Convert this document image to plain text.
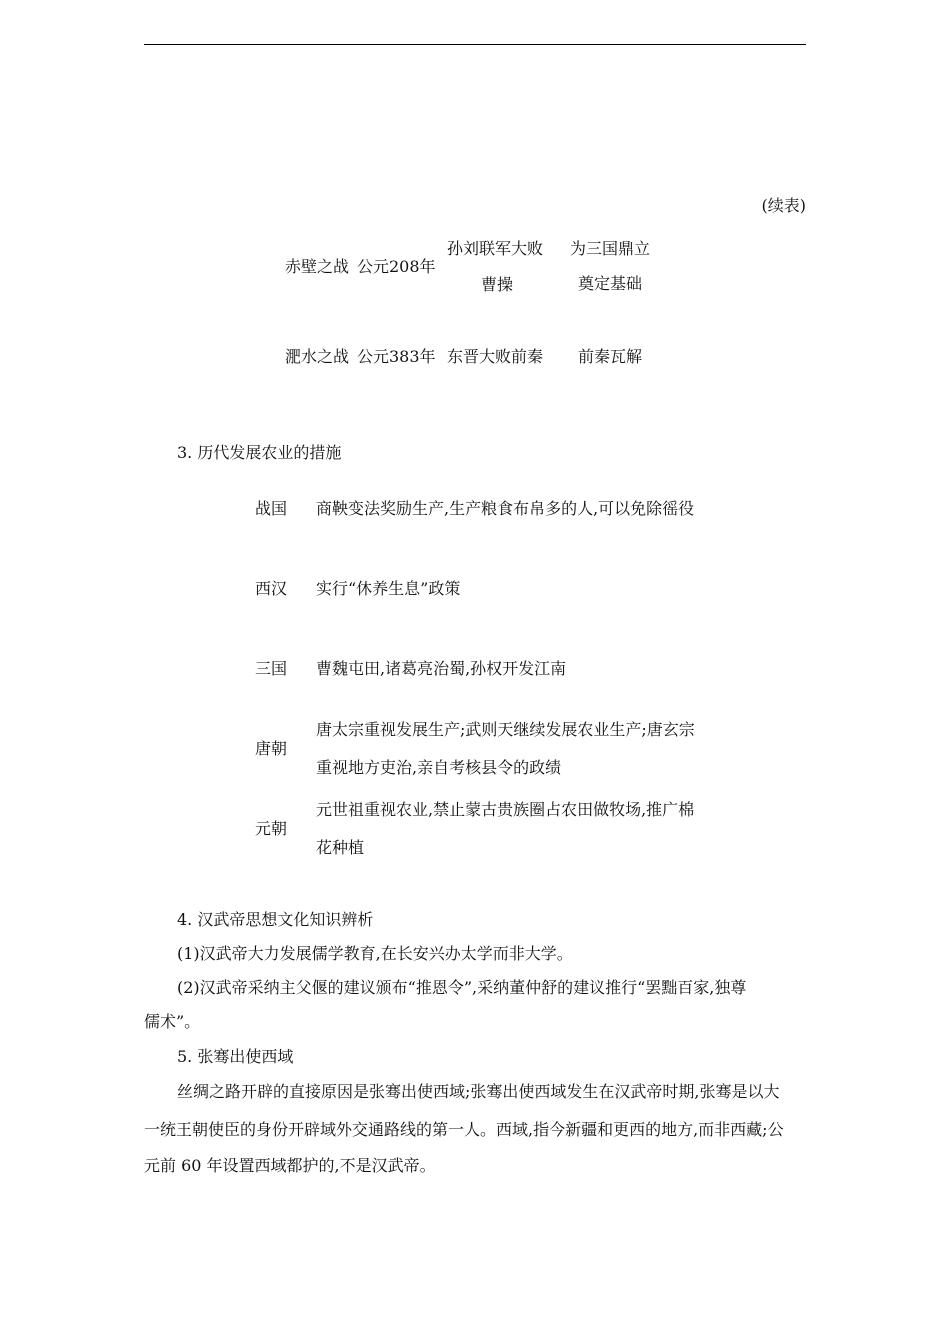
(续表)
赤壁之战 公元208年
孙刘联军大败
曹操
为三国鼎立
奠定基础
淝水之战 公元383年 东晋大败前秦 前秦瓦解
3. 历代发展农业的措施
战国 商鞅变法奖励生产,生产粮食布帛多的人,可以免除徭役
西汉 实行“休养生息”政策
三国 曹魏屯田,诸葛亮治蜀,孙权开发江南
唐朝
唐太宗重视发展生产;武则天继续发展农业生产;唐玄宗
重视地方吏治,亲自考核县令的政绩
元朝
元世祖重视农业,禁止蒙古贵族圈占农田做牧场,推广棉
花种植
4. 汉武帝思想文化知识辨析
(1)汉武帝大力发展儒学教育,在长安兴办太学而非大学。
(2)汉武帝采纳主父偃的建议颁布“推恩令”,采纳董仲舒的建议推行“罢黜百家,独尊
儒术”。
5. 张骞出使西域
丝绸之路开辟的直接原因是张骞出使西域;张骞出使西域发生在汉武帝时期,张骞是以大
一统王朝使臣的身份开辟域外交通路线的第一人。西域,指今新疆和更西的地方,而非西藏;公
元前 60 年设置西域都护的,不是汉武帝。
